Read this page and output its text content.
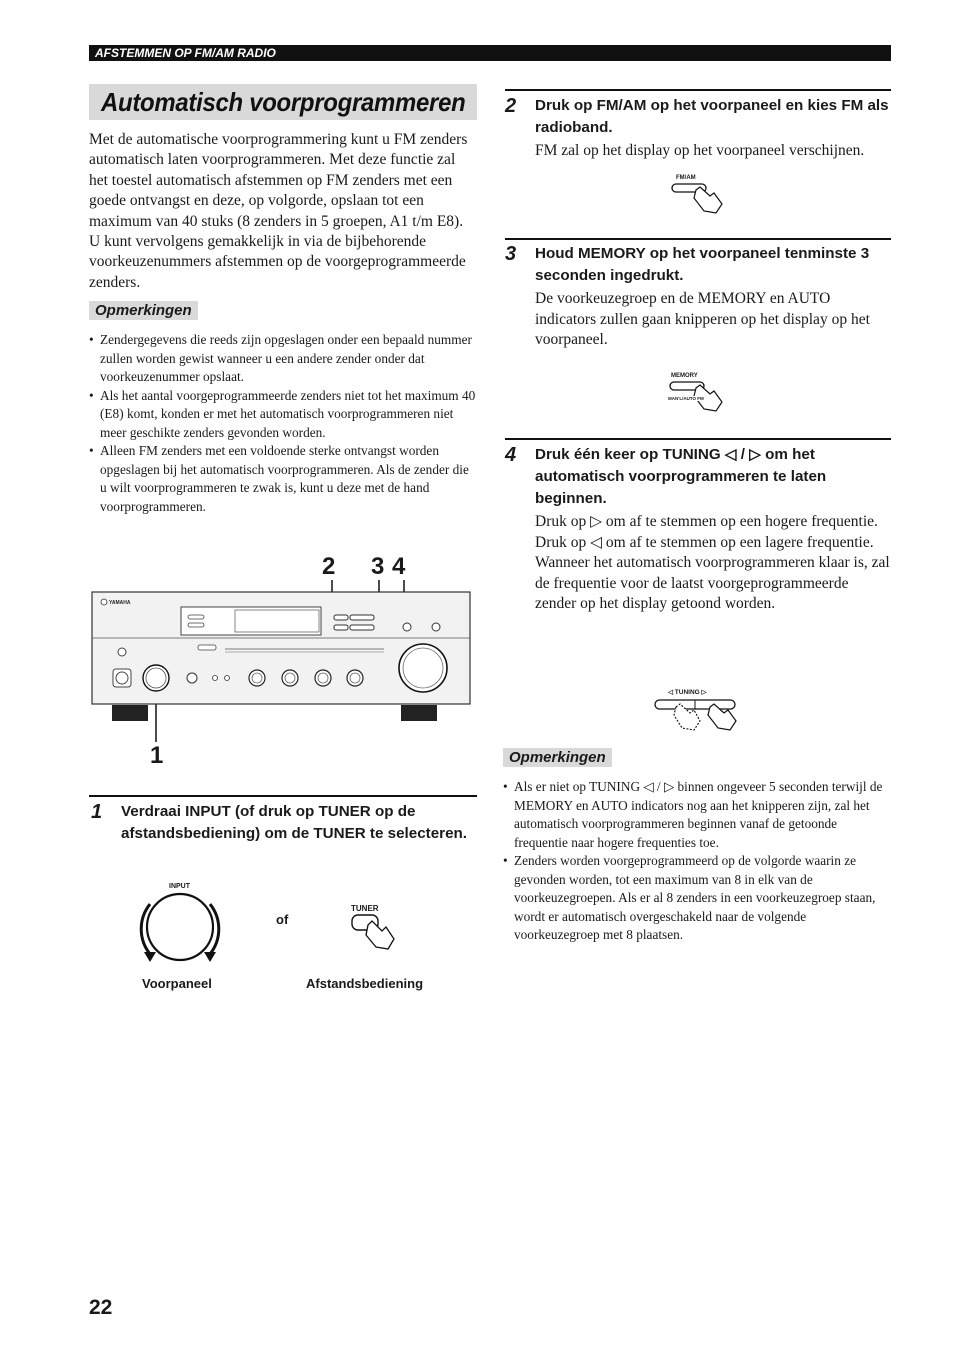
AFSTEMMEN OP FM/AM RADIO
Automatisch voorprogrammeren
Met de automatische voorprogrammering kunt u FM zenders automatisch laten voorprogrammeren. Met deze functie zal het toestel automatisch afstemmen op FM zenders met een goede ontvangst en deze, op volgorde, opslaan tot een maximum van 40 stuks (8 zenders in 5 groepen, A1 t/m E8). U kunt vervolgens gemakkelijk in via de bijbehorende voorkeuzenummers afstemmen op de voorgeprogrammeerde zenders.
Opmerkingen
• Zendergegevens die reeds zijn opgeslagen onder een bepaald nummer zullen worden gewist wanneer u een andere zender onder dat voorkeuzenummer opslaat.
• Als het aantal voorgeprogrammeerde zenders niet tot het maximum 40 (E8) komt, konden er met het automatisch voorprogrammeren niet meer geschikte zenders gevonden worden.
• Alleen FM zenders met een voldoende sterke ontvangst worden opgeslagen bij het automatisch voorprogrammeren. Als de zender die u wilt voorprogrammeren te zwak is, kunt u deze met de hand voorprogrammeren.
YAMAHA
2 3 4
1
1 Verdraai INPUT (of druk op TUNER op de afstandsbediening) om de TUNER te selecteren.
INPUT
of
TUNER
Voorpaneel	Afstandsbediening
2 Druk op FM/AM op het voorpaneel en kies FM als radioband.
FM zal op het display op het voorpaneel verschijnen.
FM/AM
3 Houd MEMORY op het voorpaneel tenminste 3 seconden ingedrukt.
De voorkeuzegroep en de MEMORY en AUTO indicators zullen gaan knipperen op het display op het voorpaneel.
MEMORY
MAN'L/AUTO FM
4 Druk één keer op TUNING ◁ / ▷ om het automatisch voorprogrammeren te laten beginnen.
Druk op ▷ om af te stemmen op een hogere frequentie.
Druk op ◁ om af te stemmen op een lagere frequentie.
Wanneer het automatisch voorprogrammeren klaar is, zal de frequentie voor de laatst voorgeprogrammeerde zender op het display getoond worden.
◁ TUNING ▷
Opmerkingen
• Als er niet op TUNING ◁ / ▷ binnen ongeveer 5 seconden terwijl de MEMORY en AUTO indicators nog aan het knipperen zijn, zal het automatisch voorprogrammeren beginnen vanaf de getoonde frequentie naar hogere frequenties toe.
• Zenders worden voorgeprogrammeerd op de volgorde waarin ze gevonden worden, tot een maximum van 8 in elk van de voorkeuzegroepen. Als er al 8 zenders in een voorkeuzegroep staan, wordt er automatisch overgeschakeld naar de volgende voorkeuzegroep met 8 plaatsen.
22
